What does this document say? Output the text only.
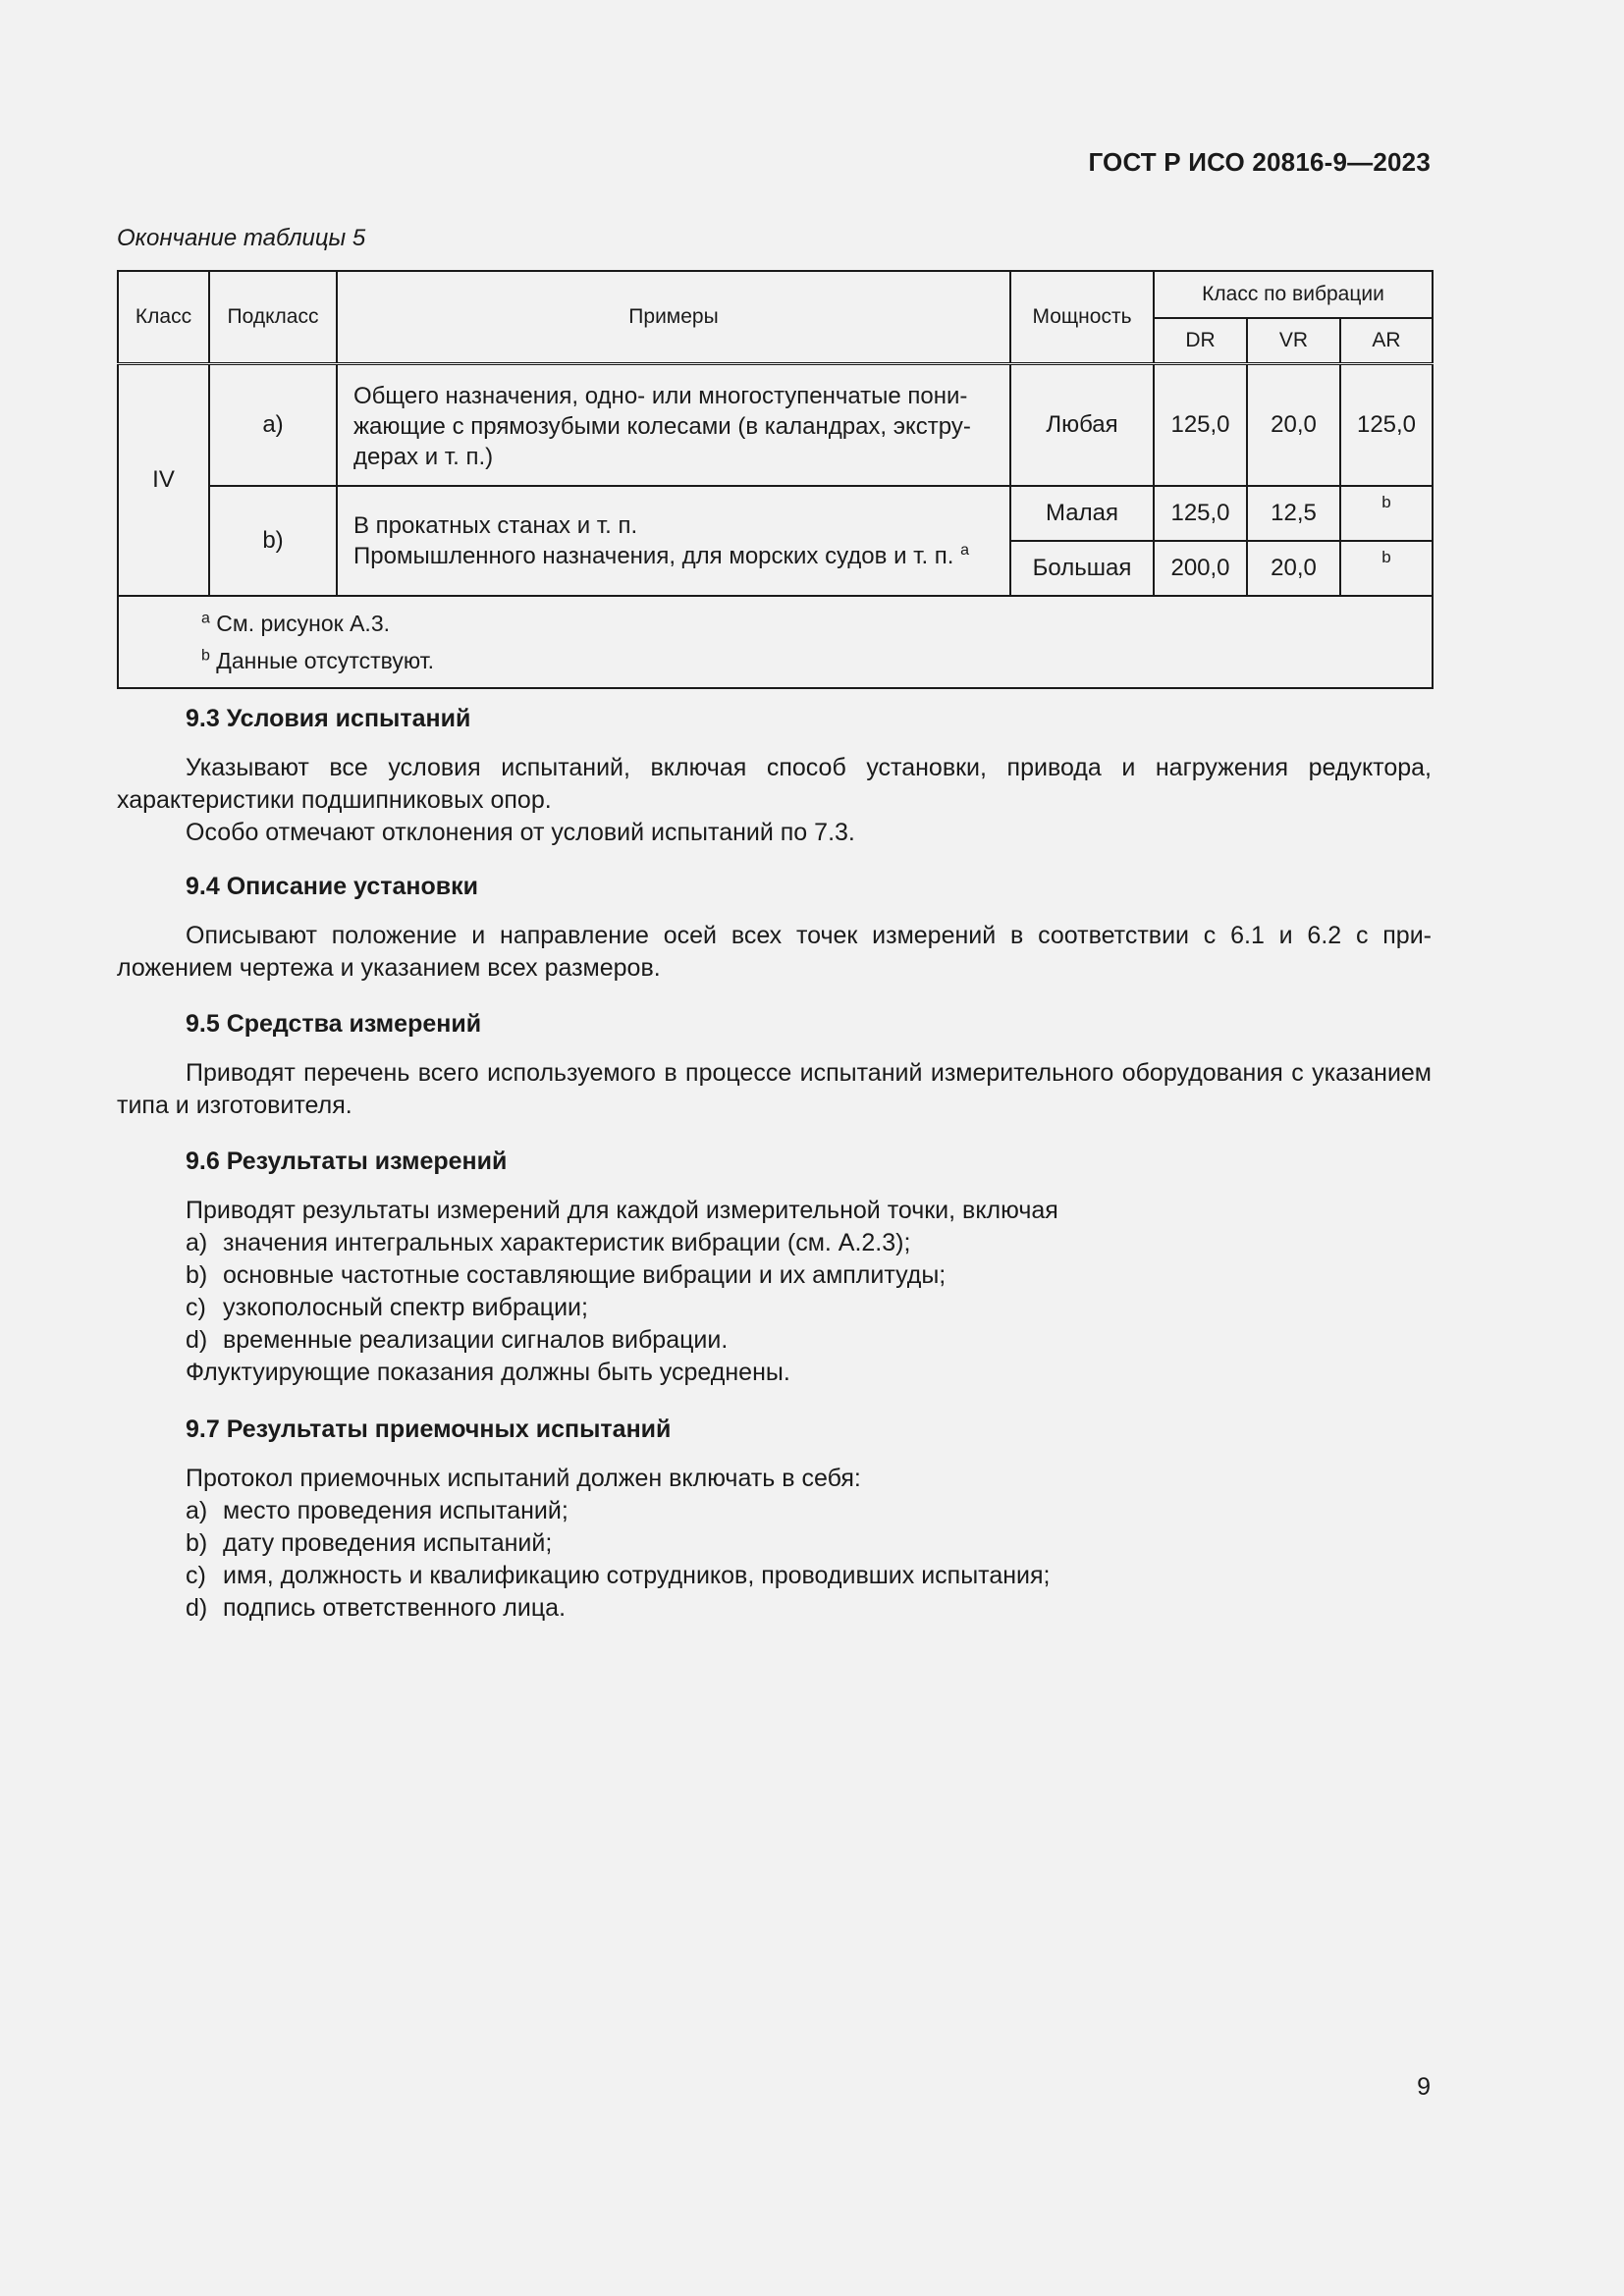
ГОСТ Р ИСО 20816-9—2023
Окончание таблицы 5
Класс	Подкласс	Примеры	Мощность	Класс по вибрации		
				DR	VR	AR
IV	a)	Общего назначения, одно- или многоступенчатые пони-
жающие с прямозубыми колесами (в каландрах, экстру-
дерах и т. п.)	Любая	125,0	20,0	125,0
	b)	В прокатных станах и т. п.
Промышленного назначения, для морских судов и т. п. $^a$	Малая	125,0	12,5	b
			Большая	200,0	20,0	b

$^a$ См. рисунок А.3.
$^b$ Данные отсутствуют.						
9.3 Условия испытаний

Указывают все условия испытаний, включая способ установки, привода и нагружения редуктора, характеристики подшипниковых опор.

Особо отмечают отклонения от условий испытаний по 7.3.

9.4 Описание установки

Описывают положение и направление осей всех точек измерений в соответствии с 6.1 и 6.2 с при-ложением чертежа и указанием всех размеров.

9.5 Средства измерений

Приводят перечень всего используемого в процессе испытаний измерительного оборудования с указанием типа и изготовителя.

9.6 Результаты измерений

Приводят результаты измерений для каждой измерительной точки, включая

a) значения интегральных характеристик вибрации (см. А.2.3);
b) основные частотные составляющие вибрации и их амплитуды;
c) узкополосный спектр вибрации;
d) временные реализации сигналов вибрации.

Флуктуирующие показания должны быть усреднены.

9.7 Результаты приемочных испытаний

Протокол приемочных испытаний должен включать в себя:

a) место проведения испытаний;
b) дату проведения испытаний;
c) имя, должность и квалификацию сотрудников, проводивших испытания;
d) подпись ответственного лица.
9
